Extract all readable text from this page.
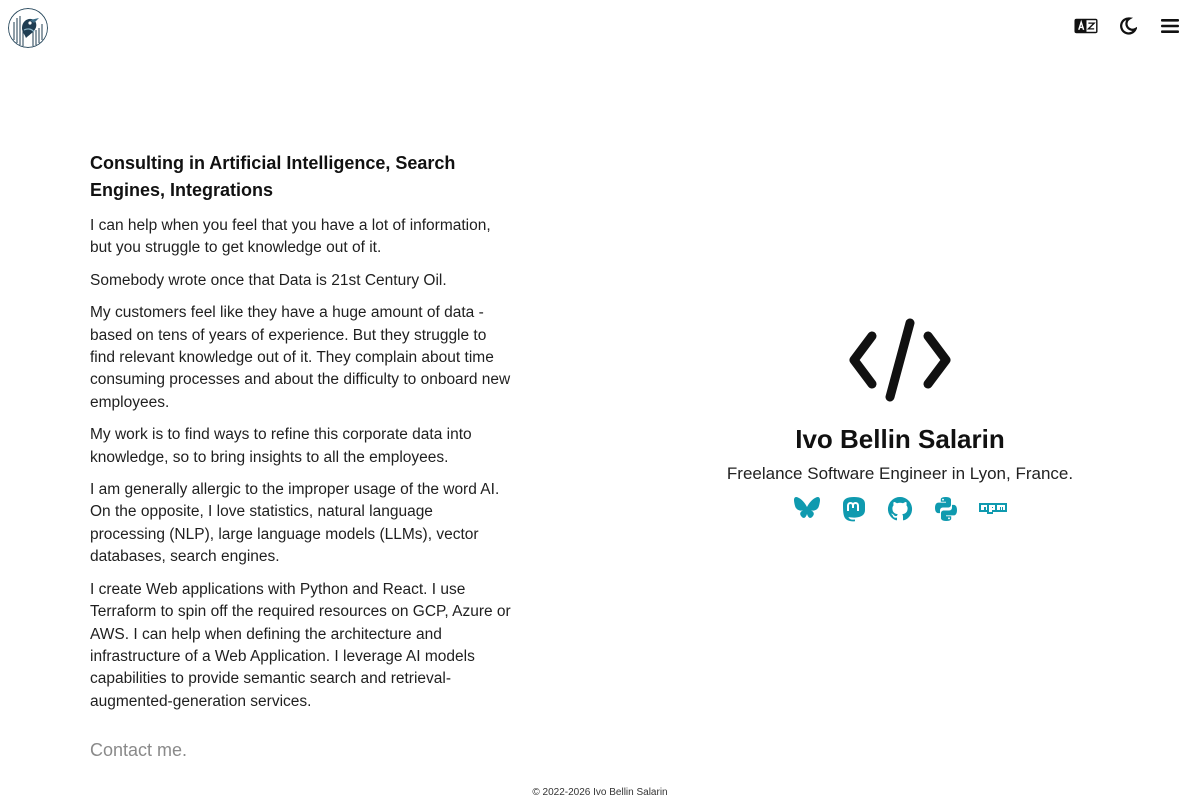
Consulting in Artificial Intelligence, Search Engines, Integrations

I can help when you feel that you have a lot of information, but you struggle to get knowledge out of it.

Somebody wrote once that Data is 21st Century Oil.

My customers feel like they have a huge amount of data - based on tens of years of experience. But they struggle to find relevant knowledge out of it. They complain about time consuming processes and about the difficulty to onboard new employees.

My work is to find ways to refine this corporate data into knowledge, so to bring insights to all the employees.

I am generally allergic to the improper usage of the word AI. On the opposite, I love statistics, natural language processing (NLP), large language models (LLMs), vector databases, search engines.

I create Web applications with Python and React. I use Terraform to spin off the required resources on GCP, Azure or AWS. I can help when defining the architecture and infrastructure of a Web Application. I leverage AI models capabilities to provide semantic search and retrieval-augmented-generation services.

Contact me.
Ivo Bellin Salarin
Freelance Software Engineer in Lyon, France.
© 2022-2026 Ivo Bellin Salarin
